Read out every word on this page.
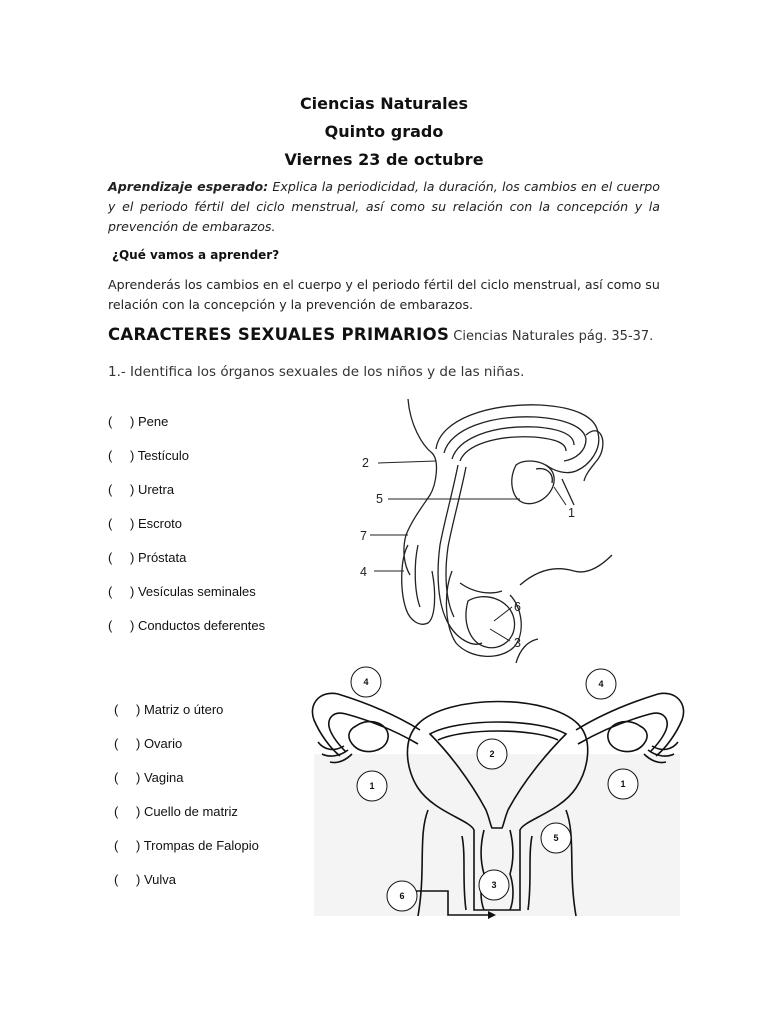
Ciencias Naturales
Quinto grado
Viernes 23 de octubre
Aprendizaje esperado: Explica la periodicidad, la duración, los cambios en el cuerpo y el periodo fértil del ciclo menstrual, así como su relación con la concepción y la prevención de embarazos.
¿Qué vamos a aprender?
Aprenderás los cambios en el cuerpo y el periodo fértil del ciclo menstrual, así como su relación con la concepción y la prevención de embarazos.
CARACTERES SEXUALES PRIMARIOS Ciencias Naturales pág. 35-37.
1.- Identifica los órganos sexuales de los niños y de las niñas.
( ) Pene
( ) Testículo
( ) Uretra
( ) Escroto
( ) Próstata
( ) Vesículas seminales
( ) Conductos deferentes
( ) Matriz o útero
( ) Ovario
( ) Vagina
( ) Cuello de matriz
( ) Trompas de Falopio
( ) Vulva
1
2
3
4
5
6
7
4	4
2
1	1
5
3
6
